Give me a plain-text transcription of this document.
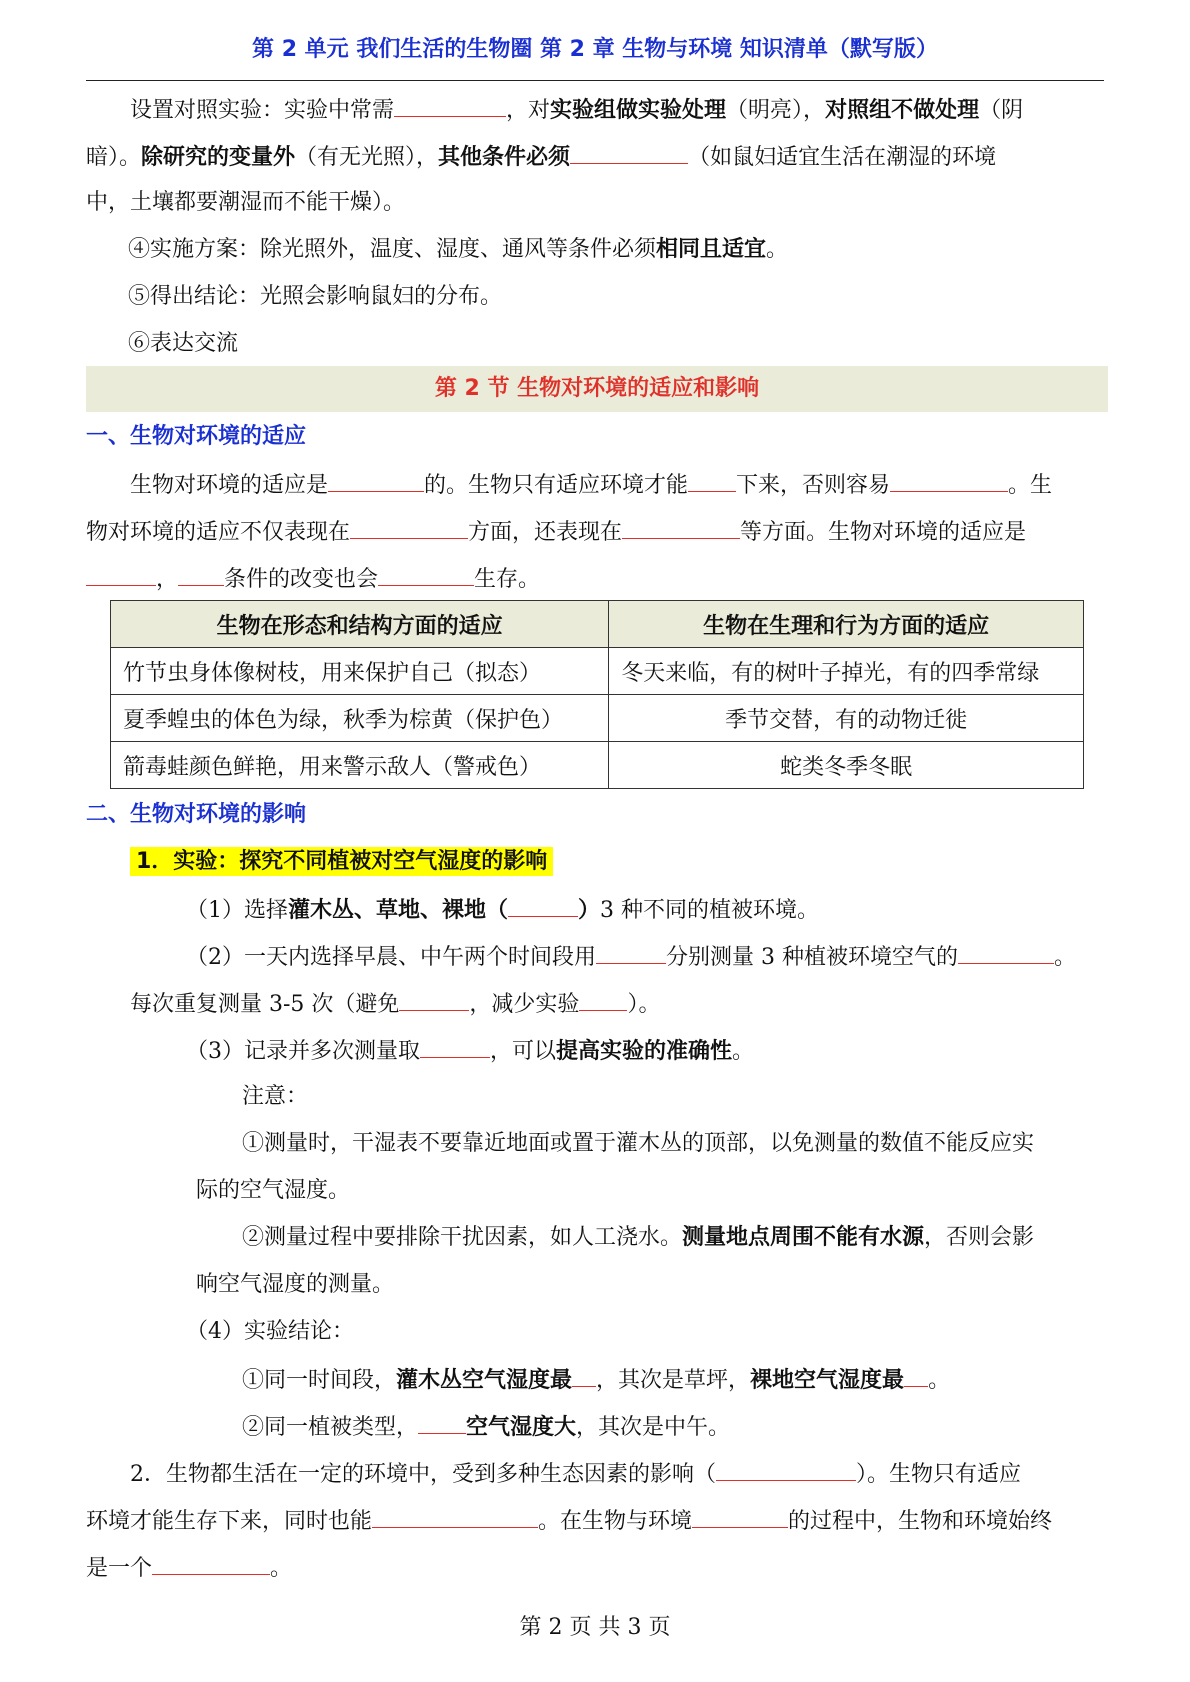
第 2 单元 我们生活的生物圈 第 2 章 生物与环境 知识清单（默写版）
设置对照实验：实验中常需	，对实验组做实验处理（明亮），对照组不做处理（阴
暗）。除研究的变量外（有无光照），其他条件必须	（如鼠妇适宜生活在潮湿的环境
中，土壤都要潮湿而不能干燥）。
④实施方案：除光照外，温度、湿度、通风等条件必须相同且适宜。
⑤得出结论：光照会影响鼠妇的分布。
⑥表达交流
第 2 节 生物对环境的适应和影响
一、生物对环境的适应
生物对环境的适应是	的。生物只有适应环境才能 下来，否则容易	。生
物对环境的适应不仅表现在	方面，还表现在	等方面。生物对环境的适应是
， 条件的改变也会	生存。
生物在形态和结构方面的适应	生物在生理和行为方面的适应
竹节虫身体像树枝，用来保护自己（拟态）	冬天来临，有的树叶子掉光，有的四季常绿
夏季蝗虫的体色为绿，秋季为棕黄（保护色）	季节交替，有的动物迁徙
箭毒蛙颜色鲜艳，用来警示敌人（警戒色）	蛇类冬季冬眠
二、生物对环境的影响
1．实验：探究不同植被对空气湿度的影响
（1）选择灌木丛、草地、裸地（	）3 种不同的植被环境。
（2）一天内选择早晨、中午两个时间段用	分别测量 3 种植被环境空气的	。
每次重复测量 3-5 次（避免	，减少实验 ）。
（3）记录并多次测量取	，可以提高实验的准确性。
注意：
①测量时，干湿表不要靠近地面或置于灌木丛的顶部，以免测量的数值不能反应实
际的空气湿度。
②测量过程中要排除干扰因素，如人工浇水。测量地点周围不能有水源，否则会影
响空气湿度的测量。
（4）实验结论：
①同一时间段，灌木丛空气湿度最 ，其次是草坪，裸地空气湿度最 。
②同一植被类型， 空气湿度大，其次是中午。
2．生物都生活在一定的环境中，受到多种生态因素的影响（	）。生物只有适应
环境才能生存下来，同时也能	。在生物与环境	的过程中，生物和环境始终
是一个	。
第 2 页 共 3 页
